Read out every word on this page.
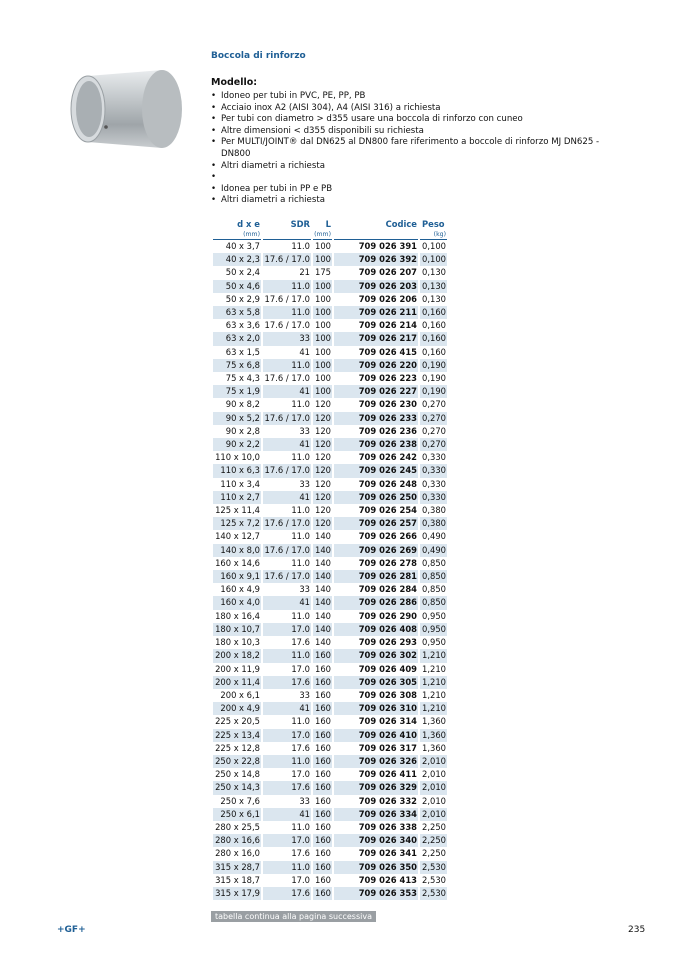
Boccola di rinforzo
Modello:
• Idoneo per tubi in PVC, PE, PP, PB
• Acciaio inox A2 (AISI 304), A4 (AISI 316) a richiesta
• Per tubi con diametro > d355 usare una boccola di rinforzo con cuneo
• Altre dimensioni < d355 disponibili su richiesta
• Per MULTI/JOINT® dal DN625 al DN800 fare riferimento a boccole di rinforzo MJ DN625 - DN800
• Altri diametri a richiesta
•
• Idonea per tubi in PP e PB
• Altri diametri a richiesta
d x e	SDR	L	Codice	Peso
(mm)		(mm)		(kg)
40 x 3,7	11.0	100	709 026 391	0,100
40 x 2,3	17.6 / 17.0	100	709 026 392	0,100
50 x 2,4	21	175	709 026 207	0,130
50 x 4,6	11.0	100	709 026 203	0,130
50 x 2,9	17.6 / 17.0	100	709 026 206	0,130
63 x 5,8	11.0	100	709 026 211	0,160
63 x 3,6	17.6 / 17.0	100	709 026 214	0,160
63 x 2,0	33	100	709 026 217	0,160
63 x 1,5	41	100	709 026 415	0,160
75 x 6,8	11.0	100	709 026 220	0,190
75 x 4,3	17.6 / 17.0	100	709 026 223	0,190
75 x 1,9	41	100	709 026 227	0,190
90 x 8,2	11.0	120	709 026 230	0,270
90 x 5,2	17.6 / 17.0	120	709 026 233	0,270
90 x 2,8	33	120	709 026 236	0,270
90 x 2,2	41	120	709 026 238	0,270
110 x 10,0	11.0	120	709 026 242	0,330
110 x 6,3	17.6 / 17.0	120	709 026 245	0,330
110 x 3,4	33	120	709 026 248	0,330
110 x 2,7	41	120	709 026 250	0,330
125 x 11,4	11.0	120	709 026 254	0,380
125 x 7,2	17.6 / 17.0	120	709 026 257	0,380
140 x 12,7	11.0	140	709 026 266	0,490
140 x 8,0	17.6 / 17.0	140	709 026 269	0,490
160 x 14,6	11.0	140	709 026 278	0,850
160 x 9,1	17.6 / 17.0	140	709 026 281	0,850
160 x 4,9	33	140	709 026 284	0,850
160 x 4,0	41	140	709 026 286	0,850
180 x 16,4	11.0	140	709 026 290	0,950
180 x 10,7	17.0	140	709 026 408	0,950
180 x 10,3	17.6	140	709 026 293	0,950
200 x 18,2	11.0	160	709 026 302	1,210
200 x 11,9	17.0	160	709 026 409	1,210
200 x 11,4	17.6	160	709 026 305	1,210
200 x 6,1	33	160	709 026 308	1,210
200 x 4,9	41	160	709 026 310	1,210
225 x 20,5	11.0	160	709 026 314	1,360
225 x 13,4	17.0	160	709 026 410	1,360
225 x 12,8	17.6	160	709 026 317	1,360
250 x 22,8	11.0	160	709 026 326	2,010
250 x 14,8	17.0	160	709 026 411	2,010
250 x 14,3	17.6	160	709 026 329	2,010
250 x 7,6	33	160	709 026 332	2,010
250 x 6,1	41	160	709 026 334	2,010
280 x 25,5	11.0	160	709 026 338	2,250
280 x 16,6	17.0	160	709 026 340	2,250
280 x 16,0	17.6	160	709 026 341	2,250
315 x 28,7	11.0	160	709 026 350	2,530
315 x 18,7	17.0	160	709 026 413	2,530
315 x 17,9	17.6	160	709 026 353	2,530
tabella continua alla pagina successiva
+GF+	235
